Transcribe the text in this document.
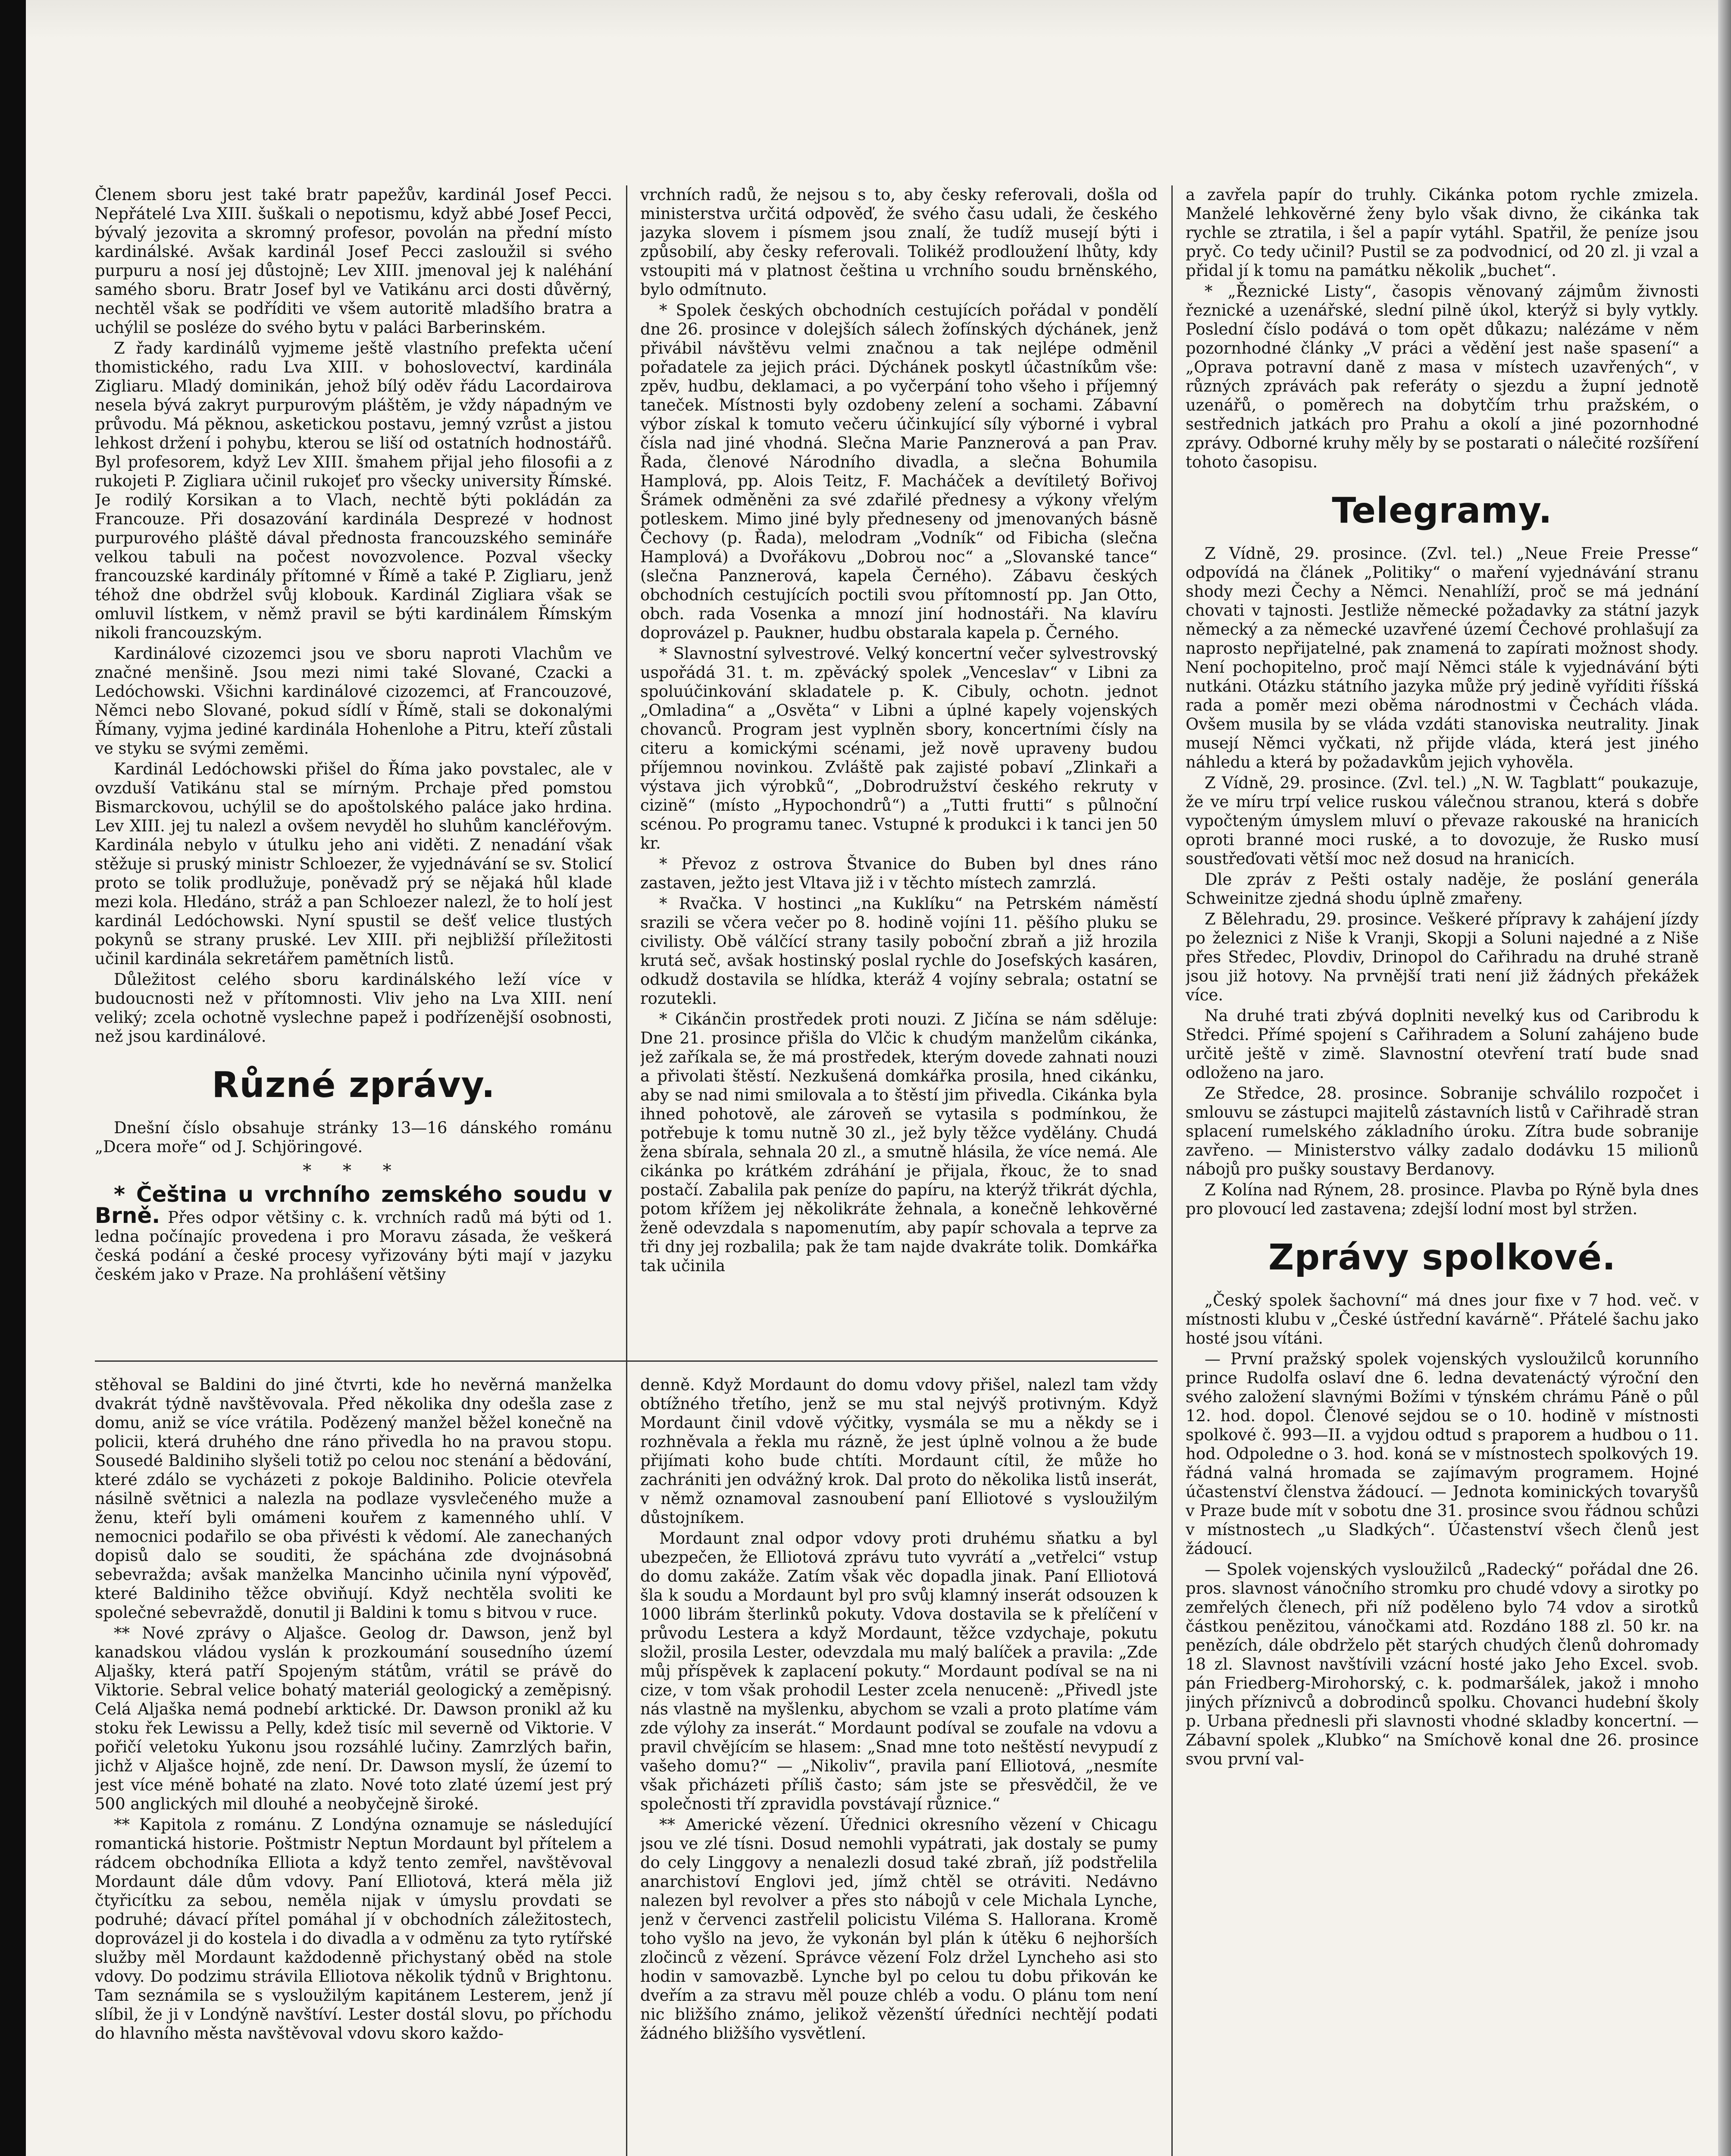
Členem sboru jest také bratr papežův, kardinál Josef Pecci. Nepřátelé Lva XIII. šuškali o nepotismu, když abbé Josef Pecci, bývalý jezovita a skromný profesor, povolán na přední místo kardinálské. Avšak kardinál Josef Pecci zasloužil si svého purpuru a nosí jej důstojně; Lev XIII. jmenoval jej k naléhání samého sboru. Bratr Josef byl ve Vatikánu arci dosti důvěrný, nechtěl však se podříditi ve všem autoritě mladšího bratra a uchýlil se posléze do svého bytu v paláci Barberinském.

Z řady kardinálů vyjmeme ještě vlastního prefekta učení thomistického, radu Lva XIII. v bohoslovectví, kardinála Zigliaru. Mladý dominikán, jehož bílý oděv řádu Lacordairova nesela bývá zakryt purpurovým pláštěm, je vždy nápadným ve průvodu. Má pěknou, asketickou postavu, jemný vzrůst a jistou lehkost držení i pohybu, kterou se liší od ostatních hodnostářů. Byl profesorem, když Lev XIII. šmahem přijal jeho filosofii a z rukojeti P. Zigliara učinil rukojeť pro všecky university Římské. Je rodilý Korsikan a to Vlach, nechtě býti pokládán za Francouze. Při dosazování kardinála Desprezé v hodnost purpurového pláště dával přednosta francouzského semináře velkou tabuli na počest novozvolence. Pozval všecky francouzské kardinály přítomné v Římě a také P. Zigliaru, jenž téhož dne obdržel svůj klobouk. Kardinál Zigliara však se omluvil lístkem, v němž pravil se býti kardinálem Římským nikoli francouzským.

Kardinálové cizozemci jsou ve sboru naproti Vlachům ve značné menšině. Jsou mezi nimi také Slované, Czacki a Ledóchowski. Všichni kardinálové cizozemci, ať Francouzové, Němci nebo Slované, pokud sídlí v Římě, stali se dokonalými Římany, vyjma jediné kardinála Hohenlohe a Pitru, kteří zůstali ve styku se svými zeměmi.

Kardinál Ledóchowski přišel do Říma jako povstalec, ale v ovzduší Vatikánu stal se mírným. Prchaje před pomstou Bismarckovou, uchýlil se do apoštolského paláce jako hrdina. Lev XIII. jej tu nalezl a ovšem nevyděl ho sluhům kancléřovým. Kardinála nebylo v útulku jeho ani viděti. Z nenadání však stěžuje si pruský ministr Schloezer, že vyjednávání se sv. Stolicí proto se tolik prodlužuje, poněvadž prý se nějaká hůl klade mezi kola. Hledáno, stráž a pan Schloezer nalezl, že to holí jest kardinál Ledóchowski. Nyní spustil se dešť velice tlustých pokynů se strany pruské. Lev XIII. při nejbližší příležitosti učinil kardinála sekretářem pamětních listů.

Důležitost celého sboru kardinálského leží více v budoucnosti než v přítomnosti. Vliv jeho na Lva XIII. není veliký; zcela ochotně vyslechne papež i podřízenější osobnosti, než jsou kardinálové.

Různé zprávy.

Dnešní číslo obsahuje stránky 13—16 dánského románu „Dcera moře“ od J. Schjöringové.

* * *

* Čeština u vrchního zemského soudu v Brně. Přes odpor většiny c. k. vrchních radů má býti od 1. ledna počínajíc provedena i pro Moravu zásada, že veškerá česká podání a české procesy vyřizovány býti mají v jazyku českém jako v Praze. Na prohlášení většiny

vrchních radů, že nejsou s to, aby česky referovali, došla od ministerstva určitá odpověď, že svého času udali, že českého jazyka slovem i písmem jsou znalí, že tudíž musejí býti i způsobilí, aby česky referovali. Tolikéž prodloužení lhůty, kdy vstoupiti má v platnost čeština u vrchního soudu brněnského, bylo odmítnuto.

* Spolek českých obchodních cestujících pořádal v pondělí dne 26. prosince v dolejších sálech žofínských dýchánek, jenž přivábil návštěvu velmi značnou a tak nejlépe odměnil pořadatele za jejich práci. Dýchánek poskytl účastníkům vše: zpěv, hudbu, deklamaci, a po vyčerpání toho všeho i příjemný taneček. Místnosti byly ozdobeny zelení a sochami. Zábavní výbor získal k tomuto večeru účinkující síly výborné i vybral čísla nad jiné vhodná. Slečna Marie Panznerová a pan Prav. Řada, členové Národního divadla, a slečna Bohumila Hamplová, pp. Alois Teitz, F. Macháček a devítiletý Bořivoj Šrámek odměněni za své zdařilé přednesy a výkony vřelým potleskem. Mimo jiné byly předneseny od jmenovaných básně Čechovy (p. Řada), melodram „Vodník“ od Fibicha (slečna Hamplová) a Dvořákovu „Dobrou noc“ a „Slovanské tance“ (slečna Panznerová, kapela Černého). Zábavu českých obchodních cestujících poctili svou přítomností pp. Jan Otto, obch. rada Vosenka a mnozí jiní hodnostáři. Na klavíru doprovázel p. Paukner, hudbu obstarala kapela p. Černého.

* Slavnostní sylvestrové. Velký koncertní večer sylvestrovský uspořádá 31. t. m. zpěvácký spolek „Venceslav“ v Libni za spoluúčinkování skladatele p. K. Cibuly, ochotn. jednot „Omladina“ a „Osvěta“ v Libni a úplné kapely vojenských chovanců. Program jest vyplněn sbory, koncertními čísly na citeru a komickými scénami, jež nově upraveny budou příjemnou novinkou. Zvláště pak zajisté pobaví „Zlinkaři a výstava jich výrobků“, „Dobrodružství českého rekruty v cizině“ (místo „Hypochondrů“) a „Tutti frutti“ s půlnoční scénou. Po programu tanec. Vstupné k produkci i k tanci jen 50 kr.

* Převoz z ostrova Štvanice do Buben byl dnes ráno zastaven, ježto jest Vltava již i v těchto místech zamrzlá.

* Rvačka. V hostinci „na Kuklíku“ na Petrském náměstí srazili se včera večer po 8. hodině vojíni 11. pěšího pluku se civilisty. Obě válčící strany tasily poboční zbraň a již hrozila krutá seč, avšak hostinský poslal rychle do Josefských kasáren, odkudž dostavila se hlídka, kteráž 4 vojíny sebrala; ostatní se rozutekli.

* Cikánčin prostředek proti nouzi. Z Jičína se nám sděluje: Dne 21. prosince přišla do Vlčic k chudým manželům cikánka, jež zaříkala se, že má prostředek, kterým dovede zahnati nouzi a přivolati štěstí. Nezkušená domkářka prosila, hned cikánku, aby se nad nimi smilovala a to štěstí jim přivedla. Cikánka byla ihned pohotově, ale zároveň se vytasila s podmínkou, že potřebuje k tomu nutně 30 zl., jež byly těžce vydělány. Chudá žena sbírala, sehnala 20 zl., a smutně hlásila, že více nemá. Ale cikánka po krátkém zdráhání je přijala, řkouc, že to snad postačí. Zabalila pak peníze do papíru, na kterýž třikrát dýchla, potom křížem jej několikráte žehnala, a konečně lehkověrné ženě odevzdala s napomenutím, aby papír schovala a teprve za tři dny jej rozbalila; pak že tam najde dvakráte tolik. Domkářka tak učinila

stěhoval se Baldini do jiné čtvrti, kde ho nevěrná manželka dvakrát týdně navštěvovala. Před několika dny odešla zase z domu, aniž se více vrátila. Podězený manžel běžel konečně na policii, která druhého dne ráno přivedla ho na pravou stopu. Sousedé Baldiniho slyšeli totiž po celou noc stenání a bědování, které zdálo se vycházeti z pokoje Baldiniho. Policie otevřela násilně světnici a nalezla na podlaze vysvlečeného muže a ženu, kteří byli omámeni kouřem z kamenného uhlí. V nemocnici podařilo se oba přivésti k vědomí. Ale zanechaných dopisů dalo se souditi, že spáchána zde dvojnásobná sebevražda; avšak manželka Mancinho učinila nyní výpověď, které Baldiniho těžce obviňují. Když nechtěla svoliti ke společné sebevraždě, donutil ji Baldini k tomu s bitvou v ruce.

** Nové zprávy o Aljašce. Geolog dr. Dawson, jenž byl kanadskou vládou vyslán k prozkoumání sousedního území Aljašky, která patří Spojeným státům, vrátil se právě do Viktorie. Sebral velice bohatý materiál geologický a zeměpisný. Celá Aljaška nemá podnebí arktické. Dr. Dawson pronikl až ku stoku řek Lewissu a Pelly, kdež tisíc mil severně od Viktorie. V pořičí veletoku Yukonu jsou rozsáhlé lučiny. Zamrzlých bařin, jichž v Aljašce hojně, zde není. Dr. Dawson myslí, že území to jest více méně bohaté na zlato. Nové toto zlaté území jest prý 500 anglických mil dlouhé a neobyčejně široké.

** Kapitola z románu. Z Londýna oznamuje se následující romantická historie. Poštmistr Neptun Mordaunt byl přítelem a rádcem obchodníka Elliota a když tento zemřel, navštěvoval Mordaunt dále dům vdovy. Paní Elliotová, která měla již čtyřicítku za sebou, neměla nijak v úmyslu provdati se podruhé; dávací přítel pomáhal jí v obchodních záležitostech, doprovázel ji do kostela i do divadla a v odměnu za tyto rytířské služby měl Mordaunt každodenně přichystaný oběd na stole vdovy. Do podzimu strávila Elliotova několik týdnů v Brightonu. Tam seznámila se s vysloužilým kapitánem Lesterem, jenž jí slíbil, že ji v Londýně navštíví. Lester dostál slovu, po příchodu do hlavního města navštěvoval vdovu skoro každo-

denně. Když Mordaunt do domu vdovy přišel, nalezl tam vždy obtížného třetího, jenž se mu stal nejvýš protivným. Když Mordaunt činil vdově výčitky, vysmála se mu a někdy se i rozhněvala a řekla mu rázně, že jest úplně volnou a že bude přijímati koho bude chtíti. Mordaunt cítil, že může ho zachrániti jen odvážný krok. Dal proto do několika listů inserát, v němž oznamoval zasnoubení paní Elliotové s vysloužilým důstojníkem.

Mordaunt znal odpor vdovy proti druhému sňatku a byl ubezpečen, že Elliotová zprávu tuto vyvrátí a „vetřelci“ vstup do domu zakáže. Zatím však věc dopadla jinak. Paní Elliotová šla k soudu a Mordaunt byl pro svůj klamný inserát odsouzen k 1000 librám šterlinků pokuty. Vdova dostavila se k přelíčení v průvodu Lestera a když Mordaunt, těžce vzdychaje, pokutu složil, prosila Lester, odevzdala mu malý balíček a pravila: „Zde můj příspěvek k zaplacení pokuty.“ Mordaunt podíval se na ni cize, v tom však prohodil Lester zcela nenuceně: „Přivedl jste nás vlastně na myšlenku, abychom se vzali a proto platíme vám zde výlohy za inserát.“ Mordaunt podíval se zoufale na vdovu a pravil chvějícím se hlasem: „Snad mne toto neštěstí nevypudí z vašeho domu?“ — „Nikoliv“, pravila paní Elliotová, „nesmíte však přicházeti příliš často; sám jste se přesvědčil, že ve společnosti tří zpravidla povstávají různice.“

** Americké vězení. Úřednici okresního vězení v Chicagu jsou ve zlé tísni. Dosud nemohli vypátrati, jak dostaly se pumy do cely Linggovy a nenalezli dosud také zbraň, jíž podstřelila anarchistoví Englovi jed, jímž chtěl se otráviti. Nedávno nalezen byl revolver a přes sto nábojů v cele Michala Lynche, jenž v červenci zastřelil policistu Viléma S. Hallorana. Kromě toho vyšlo na jevo, že vykonán byl plán k útěku 6 nejhorších zločinců z vězení. Správce vězení Folz držel Lyncheho asi sto hodin v samovazbě. Lynche byl po celou tu dobu přikován ke dveřím a za stravu měl pouze chléb a vodu. O plánu tom není nic bližšího známo, jelikož vězenští úředníci nechtějí podati žádného bližšího vysvětlení.

a zavřela papír do truhly. Cikánka potom rychle zmizela. Manželé lehkověrné ženy bylo však divno, že cikánka tak rychle se ztratila, i šel a papír vytáhl. Spatřil, že peníze jsou pryč. Co tedy učinil? Pustil se za podvodnicí, od 20 zl. ji vzal a přidal jí k tomu na památku několik „buchet“.

* „Řeznické Listy“, časopis věnovaný zájmům živnosti řeznické a uzenářské, slední pilně úkol, kterýž si byly vytkly. Poslední číslo podává o tom opět důkazu; nalézáme v něm pozornhodné články „V práci a vědění jest naše spasení“ a „Oprava potravní daně z masa v místech uzavřených“, v různých zprávách pak referáty o sjezdu a župní jednotě uzenářů, o poměrech na dobytčím trhu pražském, o sestřednich jatkách pro Prahu a okolí a jiné pozornhodné zprávy. Odborné kruhy měly by se postarati o nálečité rozšíření tohoto časopisu.

Telegramy.

Z Vídně, 29. prosince. (Zvl. tel.) „Neue Freie Presse“ odpovídá na článek „Politiky“ o maření vyjednávání stranu shody mezi Čechy a Němci. Nenahlíží, proč se má jednání chovati v tajnosti. Jestliže německé požadavky za státní jazyk německý a za německé uzavřené území Čechové prohlašují za naprosto nepřijatelné, pak znamená to zapírati možnost shody. Není pochopitelno, proč mají Němci stále k vyjednávání býti nutkáni. Otázku státního jazyka může prý jedině vyříditi říšská rada a poměr mezi oběma národnostmi v Čechách vláda. Ovšem musila by se vláda vzdáti stanoviska neutrality. Jinak musejí Němci vyčkati, nž přijde vláda, která jest jiného náhledu a která by požadavkům jejich vyhověla.

Z Vídně, 29. prosince. (Zvl. tel.) „N. W. Tagblatt“ poukazuje, že ve míru trpí velice ruskou válečnou stranou, která s dobře vypočteným úmyslem mluví o převaze rakouské na hranicích oproti branné moci ruské, a to dovozuje, že Rusko musí soustřeďovati větší moc než dosud na hranicích.

Dle zpráv z Pešti ostaly naděje, že poslání generála Schweinitze zjedná shodu úplně zmařeny.

Z Bělehradu, 29. prosince. Veškeré přípravy k zahájení jízdy po železnici z Niše k Vranji, Skopji a Soluni najedné a z Niše přes Středec, Plovdiv, Drinopol do Cařihradu na druhé straně jsou již hotovy. Na prvnější trati není již žádných překážek více.

Na druhé trati zbývá doplniti nevelký kus od Caribrodu k Středci. Přímé spojení s Cařihradem a Soluní zahájeno bude určitě ještě v zimě. Slavnostní otevření tratí bude snad odloženo na jaro.

Ze Středce, 28. prosince. Sobranije schválilo rozpočet i smlouvu se zástupci majitelů zástavních listů v Cařihradě stran splacení rumelského základního úroku. Zítra bude sobranije zavřeno. — Ministerstvo války zadalo dodávku 15 milionů nábojů pro pušky soustavy Berdanovy.

Z Kolína nad Rýnem, 28. prosince. Plavba po Rýně byla dnes pro plovoucí led zastavena; zdejší lodní most byl stržen.

Zprávy spolkové.

„Český spolek šachovní“ má dnes jour fixe v 7 hod. več. v místnosti klubu v „České ústřední kavárně“. Přátelé šachu jako hosté jsou vítáni.

— První pražský spolek vojenských vysloužilců korunního prince Rudolfa oslaví dne 6. ledna devatenáctý výroční den svého založení slavnými Božími v týnském chrámu Páně o půl 12. hod. dopol. Členové sejdou se o 10. hodině v místnosti spolkové č. 993—II. a vyjdou odtud s praporem a hudbou o 11. hod. Odpoledne o 3. hod. koná se v místnostech spolkových 19. řádná valná hromada se zajímavým programem. Hojné účastenství členstva žádoucí. — Jednota kominických tovaryšů v Praze bude mít v sobotu dne 31. prosince svou řádnou schůzi v místnostech „u Sladkých“. Účastenství všech členů jest žádoucí.

— Spolek vojenských vysloužilců „Radecký“ pořádal dne 26. pros. slavnost vánočního stromku pro chudé vdovy a sirotky po zemřelých členech, při níž poděleno bylo 74 vdov a sirotků částkou penězitou, vánočkami atd. Rozdáno 188 zl. 50 kr. na penězích, dále obdrželo pět starých chudých členů dohromady 18 zl. Slavnost navštívili vzácní hosté jako Jeho Excel. svob. pán Friedberg-Mirohorský, c. k. podmaršálek, jakož i mnoho jiných příznivců a dobrodinců spolku. Chovanci hudební školy p. Urbana přednesli při slavnosti vhodné skladby koncertní. — Zábavní spolek „Klubko“ na Smíchově konal dne 26. prosince svou první val-
